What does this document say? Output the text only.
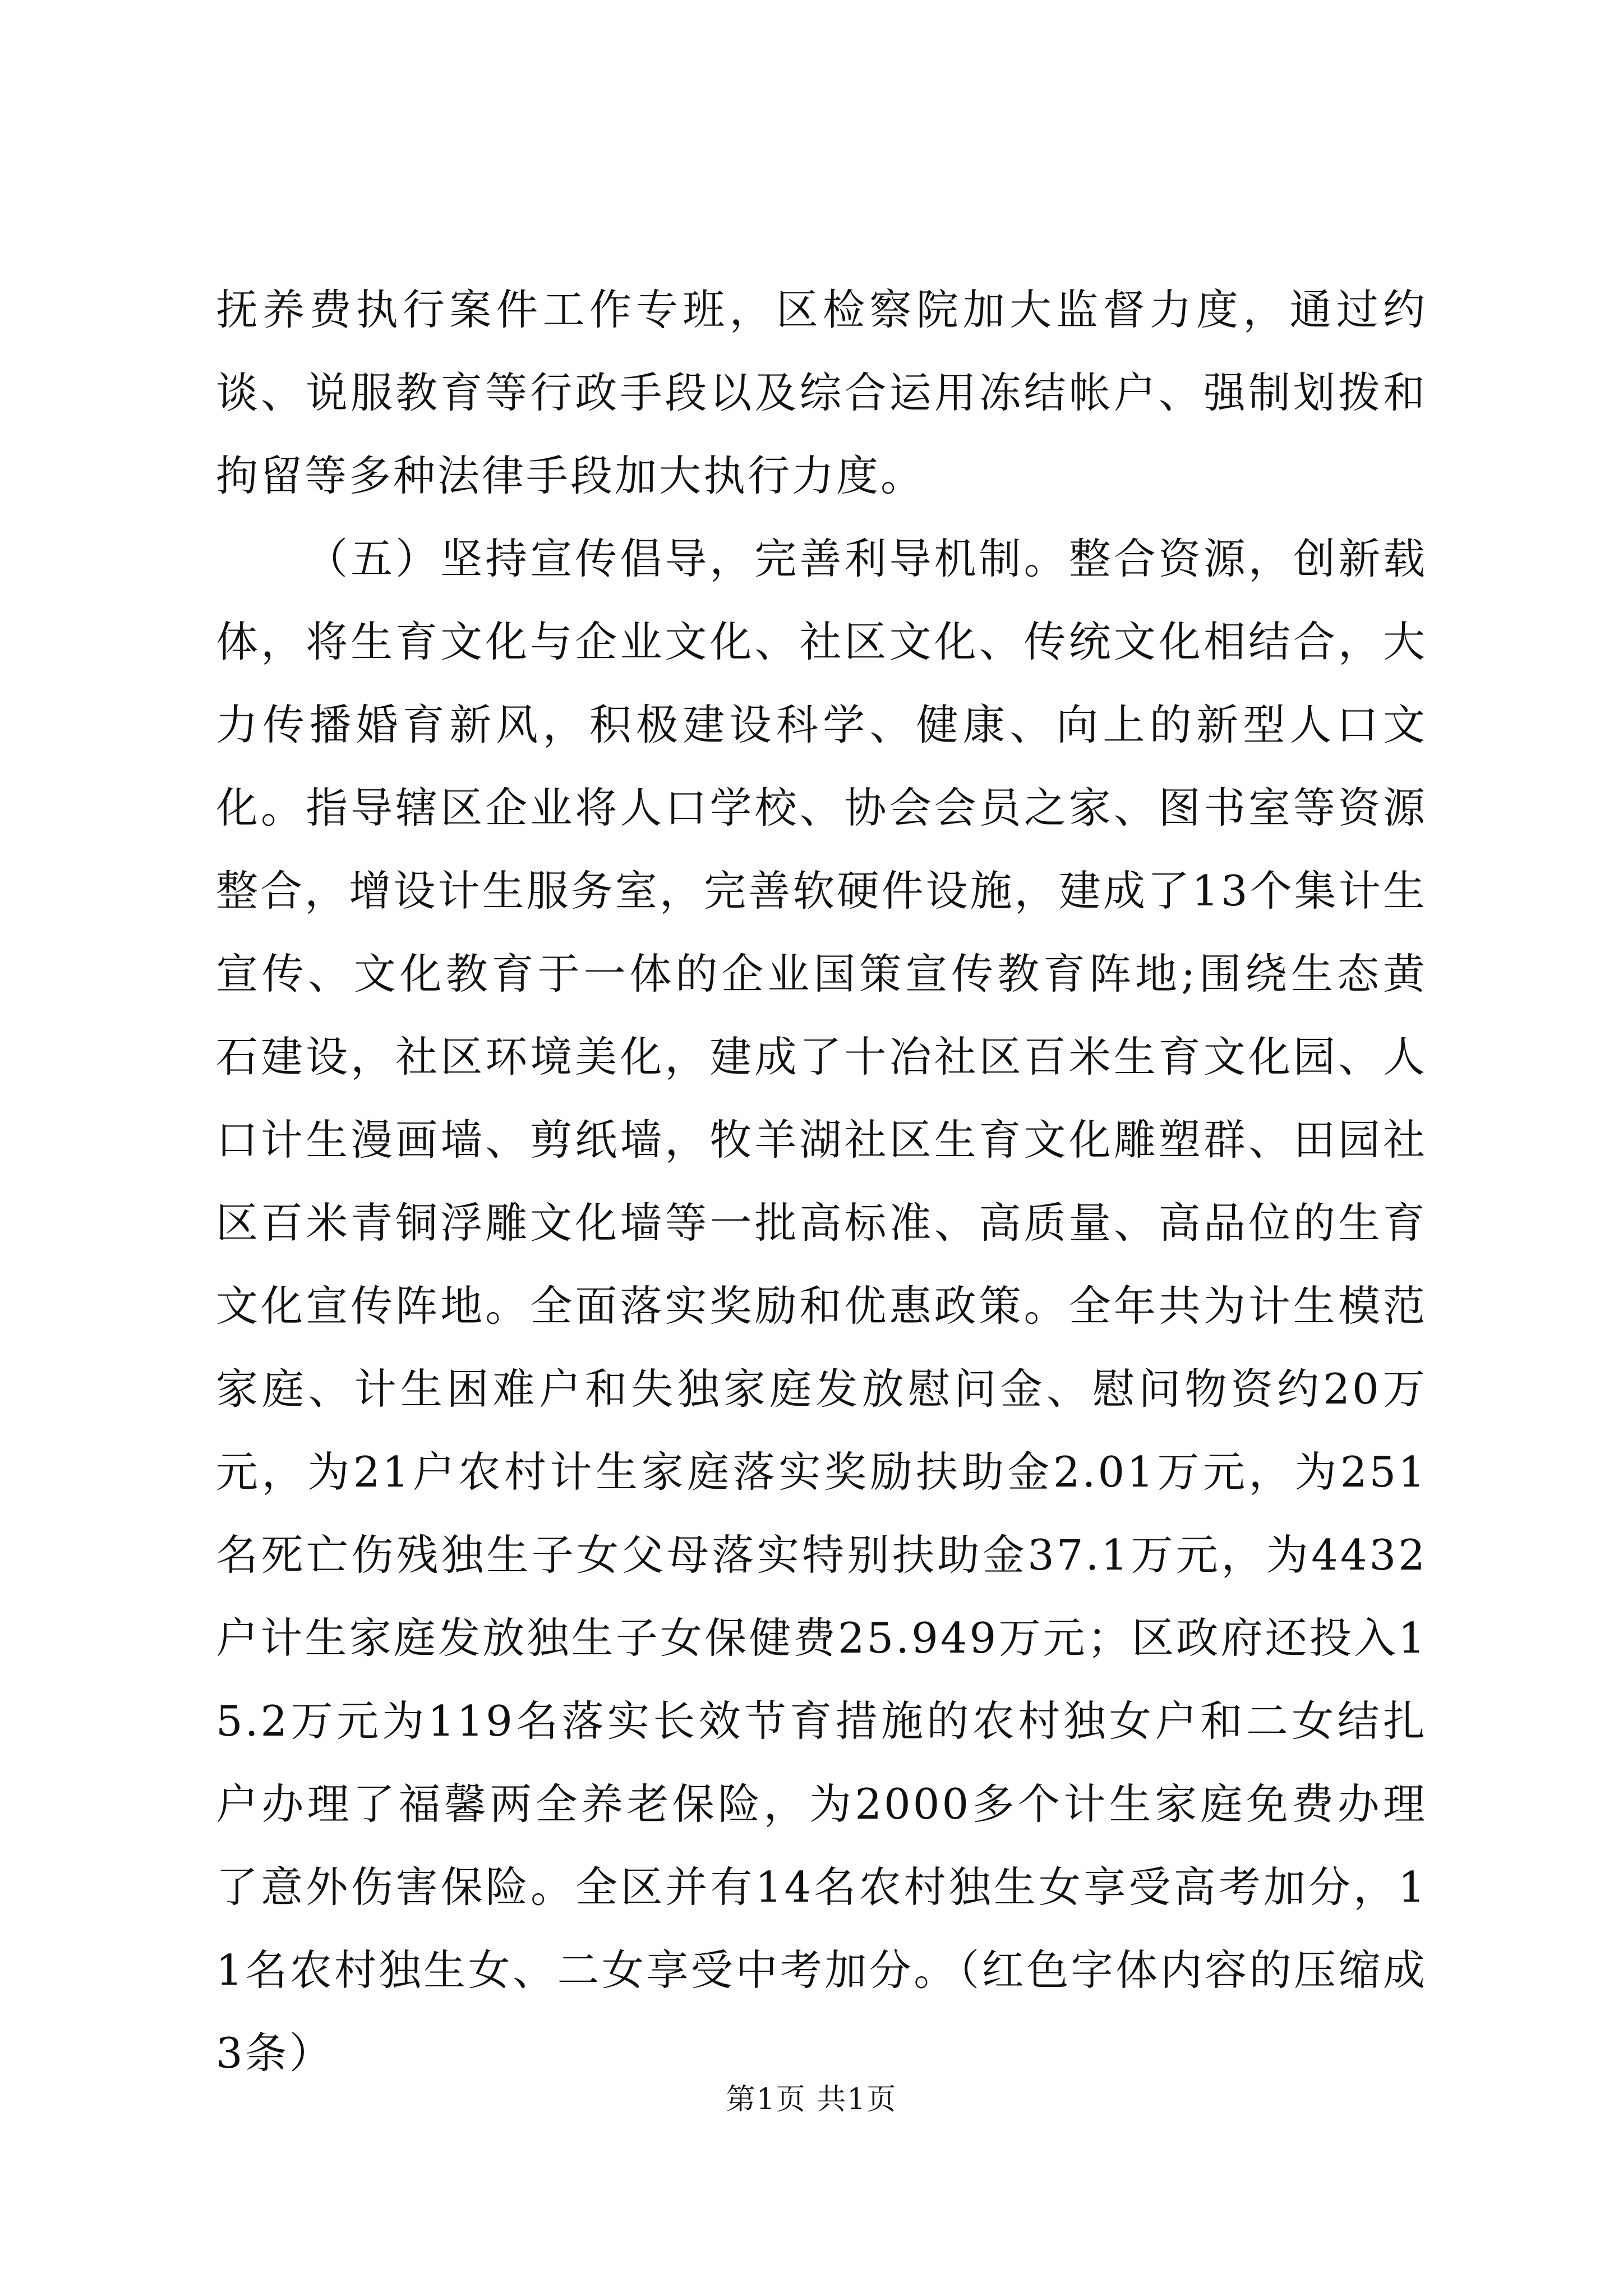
抚养费执行案件工作专班，区检察院加大监督力度，通过约谈、说服教育等行政手段以及综合运用冻结帐户、强制划拨和拘留等多种法律手段加大执行力度。

（五）坚持宣传倡导，完善利导机制。整合资源，创新载体，将生育文化与企业文化、社区文化、传统文化相结合，大力传播婚育新风，积极建设科学、健康、向上的新型人口文化。指导辖区企业将人口学校、协会会员之家、图书室等资源整合，增设计生服务室，完善软硬件设施，建成了13个集计生宣传、文化教育于一体的企业国策宣传教育阵地;围绕生态黄石建设，社区环境美化，建成了十冶社区百米生育文化园、人口计生漫画墙、剪纸墙，牧羊湖社区生育文化雕塑群、田园社区百米青铜浮雕文化墙等一批高标准、高质量、高品位的生育文化宣传阵地。全面落实奖励和优惠政策。全年共为计生模范家庭、计生困难户和失独家庭发放慰问金、慰问物资约20万元，为21户农村计生家庭落实奖励扶助金2.01万元，为251名死亡伤残独生子女父母落实特别扶助金37.1万元，为4432户计生家庭发放独生子女保健费25.949万元；区政府还投入15.2万元为119名落实长效节育措施的农村独女户和二女结扎户办理了福馨两全养老保险，为2000多个计生家庭免费办理了意外伤害保险。全区并有14名农村独生女享受高考加分，11名农村独生女、二女享受中考加分。（红色字体内容的压缩成3条）

第1页 共1页
